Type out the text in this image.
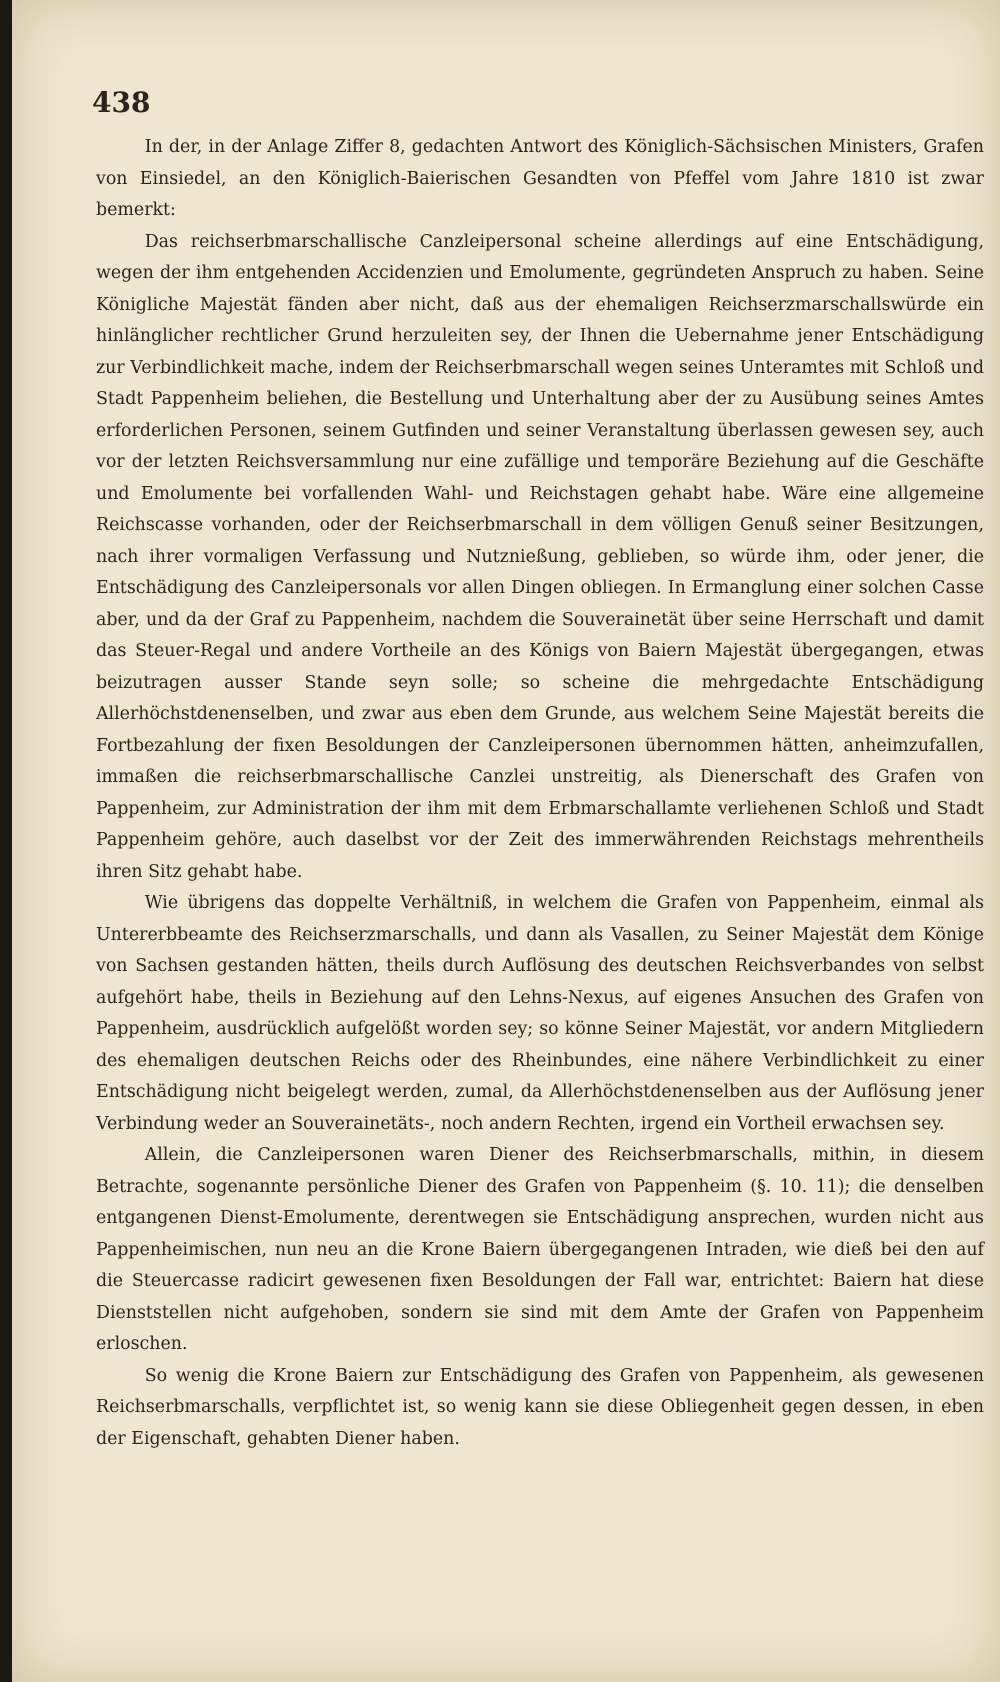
438

In der, in der Anlage Ziffer 8, gedachten Antwort des Königlich-Sächsischen Ministers, Grafen von Einsiedel, an den Königlich-Baierischen Gesandten von Pfeffel vom Jahre 1810 ist zwar bemerkt:

Das reichserbmarschallische Canzleipersonal scheine allerdings auf eine Entschädigung, wegen der ihm entgehenden Accidenzien und Emolumente, gegründeten Anspruch zu haben. Seine Königliche Majestät fänden aber nicht, daß aus der ehemaligen Reichserzmarschallswürde ein hinlänglicher rechtlicher Grund herzuleiten sey, der Ihnen die Uebernahme jener Entschädigung zur Verbindlichkeit mache, indem der Reichserbmarschall wegen seines Unteramtes mit Schloß und Stadt Pappenheim beliehen, die Bestellung und Unterhaltung aber der zu Ausübung seines Amtes erforderlichen Personen, seinem Gutfinden und seiner Veranstaltung überlassen gewesen sey, auch vor der letzten Reichsversammlung nur eine zufällige und temporäre Beziehung auf die Geschäfte und Emolumente bei vorfallenden Wahl- und Reichstagen gehabt habe. Wäre eine allgemeine Reichscasse vorhanden, oder der Reichserbmarschall in dem völligen Genuß seiner Besitzungen, nach ihrer vormaligen Verfassung und Nutznießung, geblieben, so würde ihm, oder jener, die Entschädigung des Canzleipersonals vor allen Dingen obliegen. In Ermanglung einer solchen Casse aber, und da der Graf zu Pappenheim, nachdem die Souverainetät über seine Herrschaft und damit das Steuer-Regal und andere Vortheile an des Königs von Baiern Majestät übergegangen, etwas beizutragen ausser Stande seyn solle; so scheine die mehrgedachte Entschädigung Allerhöchstdenenselben, und zwar aus eben dem Grunde, aus welchem Seine Majestät bereits die Fortbezahlung der fixen Besoldungen der Canzleipersonen übernommen hätten, anheimzufallen, immaßen die reichserbmarschallische Canzlei unstreitig, als Dienerschaft des Grafen von Pappenheim, zur Administration der ihm mit dem Erbmarschallamte verliehenen Schloß und Stadt Pappenheim gehöre, auch daselbst vor der Zeit des immerwährenden Reichstags mehrentheils ihren Sitz gehabt habe.

Wie übrigens das doppelte Verhältniß, in welchem die Grafen von Pappenheim, einmal als Untererbbeamte des Reichserzmarschalls, und dann als Vasallen, zu Seiner Majestät dem Könige von Sachsen gestanden hätten, theils durch Auflösung des deutschen Reichsverbandes von selbst aufgehört habe, theils in Beziehung auf den Lehns-Nexus, auf eigenes Ansuchen des Grafen von Pappenheim, ausdrücklich aufgelößt worden sey; so könne Seiner Majestät, vor andern Mitgliedern des ehemaligen deutschen Reichs oder des Rheinbundes, eine nähere Verbindlichkeit zu einer Entschädigung nicht beigelegt werden, zumal, da Allerhöchstdenenselben aus der Auflösung jener Verbindung weder an Souverainetäts-, noch andern Rechten, irgend ein Vortheil erwachsen sey.

Allein, die Canzleipersonen waren Diener des Reichserbmarschalls, mithin, in diesem Betrachte, sogenannte persönliche Diener des Grafen von Pappenheim (§. 10. 11); die denselben entgangenen Dienst-Emolumente, derentwegen sie Entschädigung ansprechen, wurden nicht aus Pappenheimischen, nun neu an die Krone Baiern übergegangenen Intraden, wie dieß bei den auf die Steuercasse radicirt gewesenen fixen Besoldungen der Fall war, entrichtet: Baiern hat diese Dienststellen nicht aufgehoben, sondern sie sind mit dem Amte der Grafen von Pappenheim erloschen.

So wenig die Krone Baiern zur Entschädigung des Grafen von Pappenheim, als gewesenen Reichserbmarschalls, verpflichtet ist, so wenig kann sie diese Obliegenheit gegen dessen, in eben der Eigenschaft, gehabten Diener haben.
